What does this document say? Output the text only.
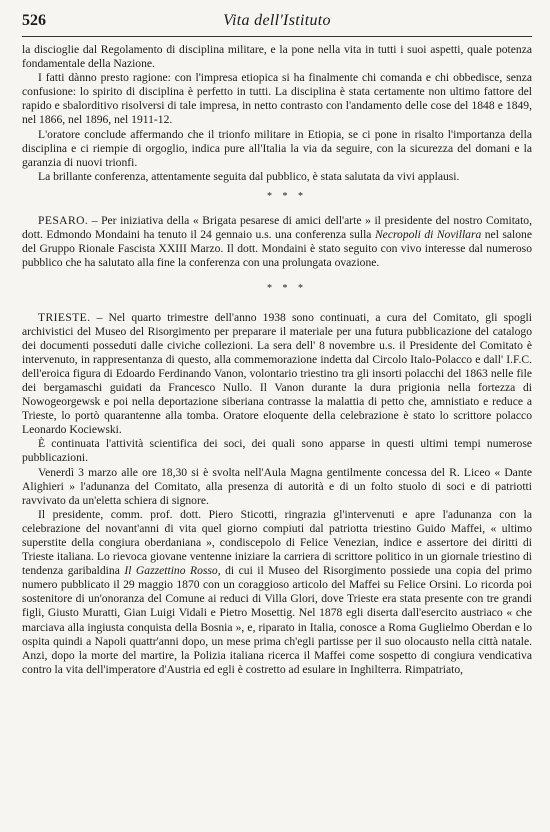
526	Vita dell'Istituto

la discioglie dal Regolamento di disciplina militare, e la pone nella vita in tutti i suoi aspetti, quale potenza fondamentale della Nazione.

I fatti dànno presto ragione: con l'impresa etiopica si ha finalmente chi comanda e chi obbedisce, senza confusione: lo spirito di disciplina è perfetto in tutti. La disciplina è stata certamente non ultimo fattore del rapido e sbalorditivo risolversi di tale impresa, in netto contrasto con l'andamento delle cose del 1848 e 1849, nel 1866, nel 1896, nel 1911-12.

L'oratore conclude affermando che il trionfo militare in Etiopia, se ci pone in risalto l'importanza della disciplina e ci riempie di orgoglio, indica pure all'Italia la via da seguire, con la sicurezza del domani e la garanzia di nuovi trionfi.

La brillante conferenza, attentamente seguita dal pubblico, è stata salutata da vivi applausi.

* * *

PESARO. – Per iniziativa della « Brigata pesarese di amici dell'arte » il presidente del nostro Comitato, dott. Edmondo Mondaini ha tenuto il 24 gennaio u.s. una conferenza sulla Necropoli di Novillara nel salone del Gruppo Rionale Fascista XXIII Marzo. Il dott. Mondaini è stato seguito con vivo interesse dal numeroso pubblico che ha salutato alla fine la conferenza con una prolungata ovazione.

* * *

TRIESTE. – Nel quarto trimestre dell'anno 1938 sono continuati, a cura del Comitato, gli spogli archivistici del Museo del Risorgimento per preparare il materiale per una futura pubblicazione del catalogo dei documenti posseduti dalle civiche collezioni. La sera dell' 8 novembre u.s. il Presidente del Comitato è intervenuto, in rappresentanza di questo, alla commemorazione indetta dal Circolo Italo-Polacco e dall' I.F.C. dell'eroica figura di Edoardo Ferdinando Vanon, volontario triestino tra gli insorti polacchi del 1863 nelle file dei bergamaschi guidati da Francesco Nullo. Il Vanon durante la dura prigionia nella fortezza di Nowogeorgewsk e poi nella deportazione siberiana contrasse la malattia di petto che, amnistiato e reduce a Trieste, lo portò quarantenne alla tomba. Oratore eloquente della celebrazione è stato lo scrittore polacco Leonardo Kociewski.

È continuata l'attività scientifica dei soci, dei quali sono apparse in questi ultimi tempi numerose pubblicazioni.

Venerdì 3 marzo alle ore 18,30 si è svolta nell'Aula Magna gentilmente concessa del R. Liceo « Dante Alighieri » l'adunanza del Comitato, alla presenza di autorità e di un folto stuolo di soci e di patriotti ravvivato da un'eletta schiera di signore.

Il presidente, comm. prof. dott. Piero Sticotti, ringrazia gl'intervenuti e apre l'adunanza con la celebrazione del novant'anni di vita quel giorno compiuti dal patriotta triestino Guido Maffei, « ultimo superstite della congiura oberdaniana », condiscepolo di Felice Venezian, indice e assertore dei diritti di Trieste italiana. Lo rievoca giovane ventenne iniziare la carriera di scrittore politico in un giornale triestino di tendenza garibaldina Il Gazzettino Rosso, di cui il Museo del Risorgimento possiede una copia del primo numero pubblicato il 29 maggio 1870 con un coraggioso articolo del Maffei su Felice Orsini. Lo ricorda poi sostenitore di un'onoranza del Comune ai reduci di Villa Glori, dove Trieste era stata presente con tre grandi figli, Giusto Muratti, Gian Luigi Vidali e Pietro Mosettig. Nel 1878 egli diserta dall'esercito austriaco « che marciava alla ingiusta conquista della Bosnia », e, riparato in Italia, conosce a Roma Guglielmo Oberdan e lo ospita quindi a Napoli quattr'anni dopo, un mese prima ch'egli partisse per il suo olocausto nella città natale. Anzi, dopo la morte del martire, la Polizia italiana ricerca il Maffei come sospetto di congiura vendicativa contro la vita dell'imperatore d'Austria ed egli è costretto ad esulare in Inghilterra. Rimpatriato,
